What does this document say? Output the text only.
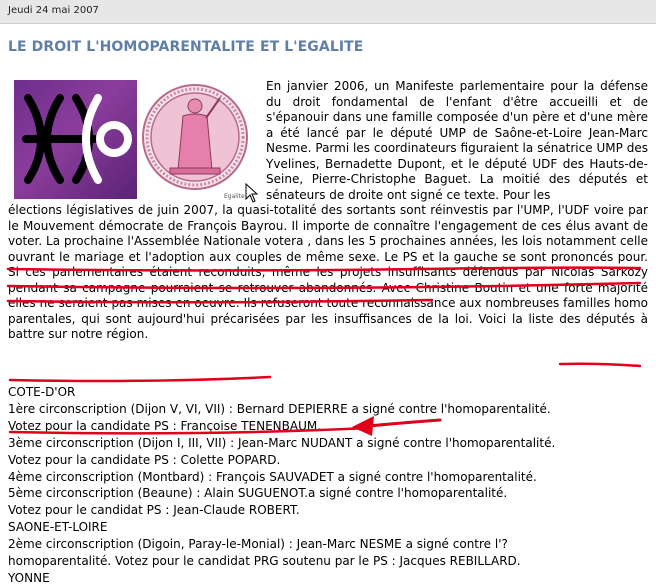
Jeudi 24 mai 2007
LE DROIT L'HOMOPARENTALITE ET L'EGALITE
Egalite

En janvier 2006, un Manifeste parlementaire pour la défense du droit fondamental de l'enfant d'être accueilli et de s'épanouir dans une famille composée d'un père et d'une mère a été lancé par le député UMP de Saône-et-Loire Jean-Marc Nesme. Parmi les coordinateurs figuraient la sénatrice UMP des Yvelines, Bernadette Dupont, et le député UDF des Hauts-de-Seine, Pierre-Christophe Baguet. La moitié des députés et sénateurs de droite ont signé ce texte. Pour les

élections législatives de juin 2007, la quasi-totalité des sortants sont réinvestis par l'UMP, l'UDF voire par le Mouvement démocrate de François Bayrou. Il importe de connaître l'engagement de ces élus avant de voter. La prochaine l'Assemblée Nationale votera , dans les 5 prochaines années, les lois notamment celle ouvrant le mariage et l'adoption aux couples de même sexe. Le PS et la gauche se sont prononcés pour. Si ces parlementaires étaient reconduits, même les projets insuffisants défendus par Nicolas Sarkozy pendant sa campagne pourraient se retrouver abandonnés. Avec Christine Boutin et une forte majorité elles ne seraient pas mises en oeuvre. Ils refuseront toute reconnaissance aux nombreuses familles homo parentales, qui sont aujourd'hui précarisées par les insuffisances de la loi. Voici la liste des députés à battre sur notre région.

COTE-D'OR
1ère circonscription (Dijon V, VI, VII) : Bernard DEPIERRE a signé contre l'homoparentalité.
Votez pour la candidate PS : Françoise TENENBAUM.
3ème circonscription (Dijon I, III, VII) : Jean-Marc NUDANT a signé contre l'homoparentalité.
Votez pour la candidate PS : Colette POPARD.
4ème circonscription (Montbard) : François SAUVADET a signé contre l'homoparentalité.
5ème circonscription (Beaune) : Alain SUGUENOT.a signé contre l'homoparentalité.
Votez pour le candidat PS : Jean-Claude ROBERT.
SAONE-ET-LOIRE
2ème circonscription (Digoin, Paray-le-Monial) : Jean-Marc NESME a signé contre l'?
homoparentalité. Votez pour le candidat PRG soutenu par le PS : Jacques REBILLARD.
YONNE
